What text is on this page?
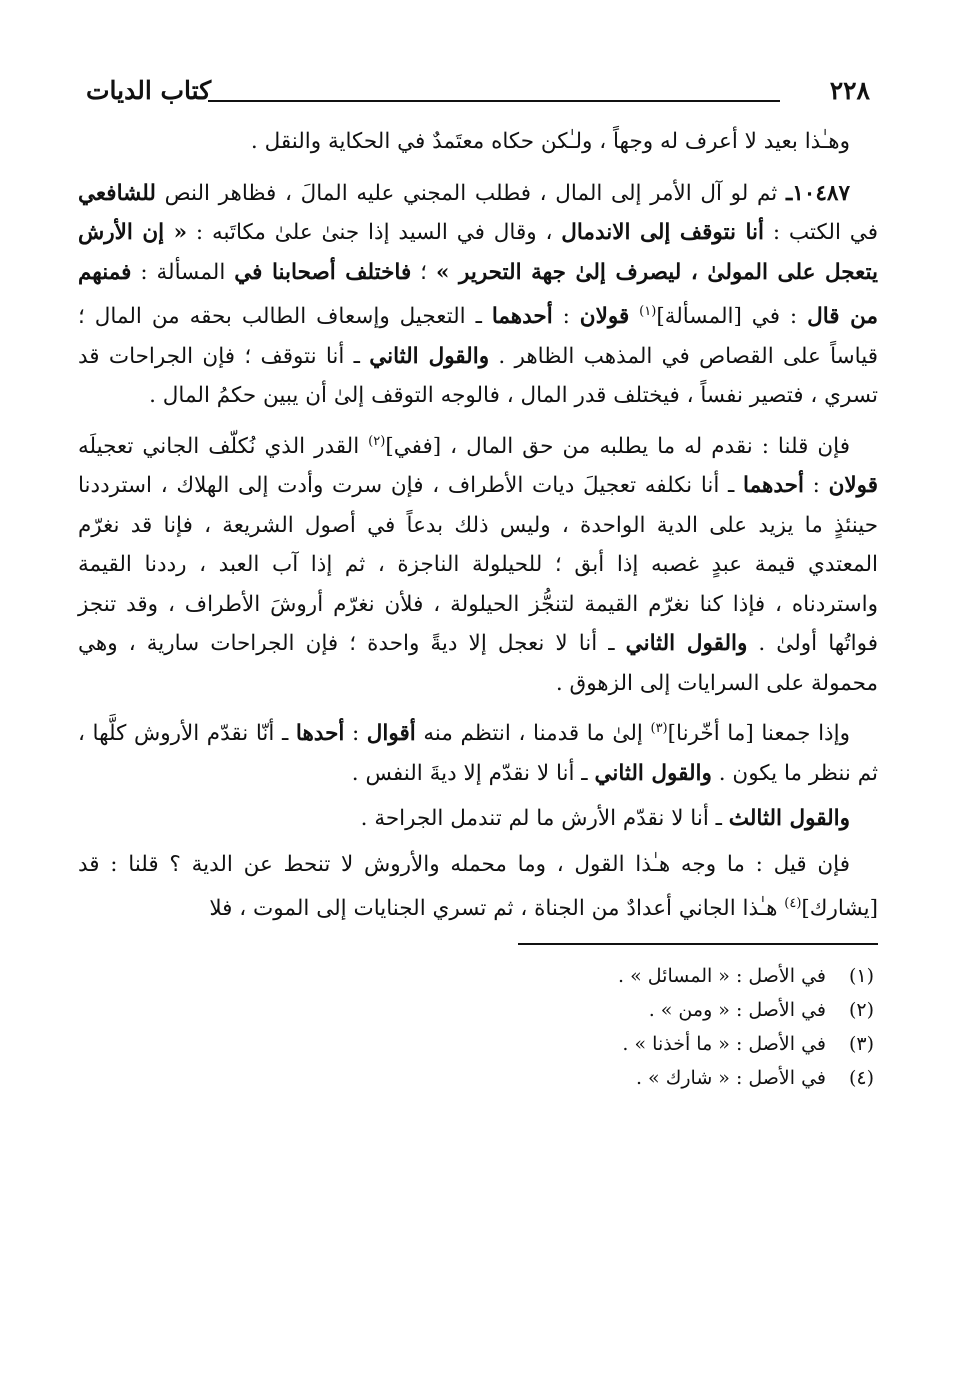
٢٢٨
كتاب الديات

وهـٰذا بعيد لا أعرف له وجهاً ، ولـٰكن حكاه معتَمدٌ في الحكاية والنقل .

١٠٤٨٧ـ ثم لو آل الأمر إلى المال ، فطلب المجني عليه المالَ ، فظاهر النص للشافعي في الكتب : أنا نتوقف إلى الاندمال ، وقال في السيد إذا جنىٰ علىٰ مكاتَبه : « إن الأرش يتعجل على المولىٰ ، ليصرف إلىٰ جهة التحرير » ؛ فاختلف أصحابنا في المسألة : فمنهم من قال : في [المسألة]$^{(١)}$ قولان : أحدهما ـ التعجيل وإسعاف الطالب بحقه من المال ؛ قياساً على القصاص في المذهب الظاهر . والقول الثاني ـ أنا نتوقف ؛ فإن الجراحات قد تسري ، فتصير نفساً ، فيختلف قدر المال ، فالوجه التوقف إلىٰ أن يبين حكمُ المال .

فإن قلنا : نقدم له ما يطلبه من حق المال ، [ففي]$^{(٢)}$ القدر الذي نُكلّف الجاني تعجيلَه قولان : أحدهما ـ أنا نكلفه تعجيلَ ديات الأطراف ، فإن سرت وأدت إلى الهلاك ، استرددنا حينئذٍ ما يزيد على الدية الواحدة ، وليس ذلك بدعاً في أصول الشريعة ، فإنا قد نغرّم المعتدي قيمة عبدٍ غصبه إذا أبق ؛ للحيلولة الناجزة ، ثم إذا آب العبد ، رددنا القيمة واستردناه ، فإذا كنا نغرّم القيمة لتنجُّز الحيلولة ، فلأن نغرّم أروشَ الأطراف ، وقد تنجز فواتُها أولىٰ . والقول الثاني ـ أنا لا نعجل إلا ديةً واحدة ؛ فإن الجراحات سارية ، وهي محمولة على السرايات إلى الزهوق .

وإذا جمعنا [ما أخّرنا]$^{(٣)}$ إلىٰ ما قدمنا ، انتظم منه أقوال : أحدها ـ أنّا نقدّم الأروش كلَّها ، ثم ننظر ما يكون . والقول الثاني ـ أنا لا نقدّم إلا ديةَ النفس .

والقول الثالث ـ أنا لا نقدّم الأرش ما لم تندمل الجراحة .

فإن قيل : ما وجه هـٰذا القول ، وما محمله والأروش لا تنحط عن الدية ؟ قلنا : قد [يشارك]$^{(٤)}$ هـٰذا الجاني أعدادٌ من الجناة ، ثم تسري الجنايات إلى الموت ، فلا

(١)
في الأصل : « المسائل » .
(٢)
في الأصل : « ومن » .
(٣)
في الأصل : « ما أخذنا » .
(٤)
في الأصل : « شارك » .
